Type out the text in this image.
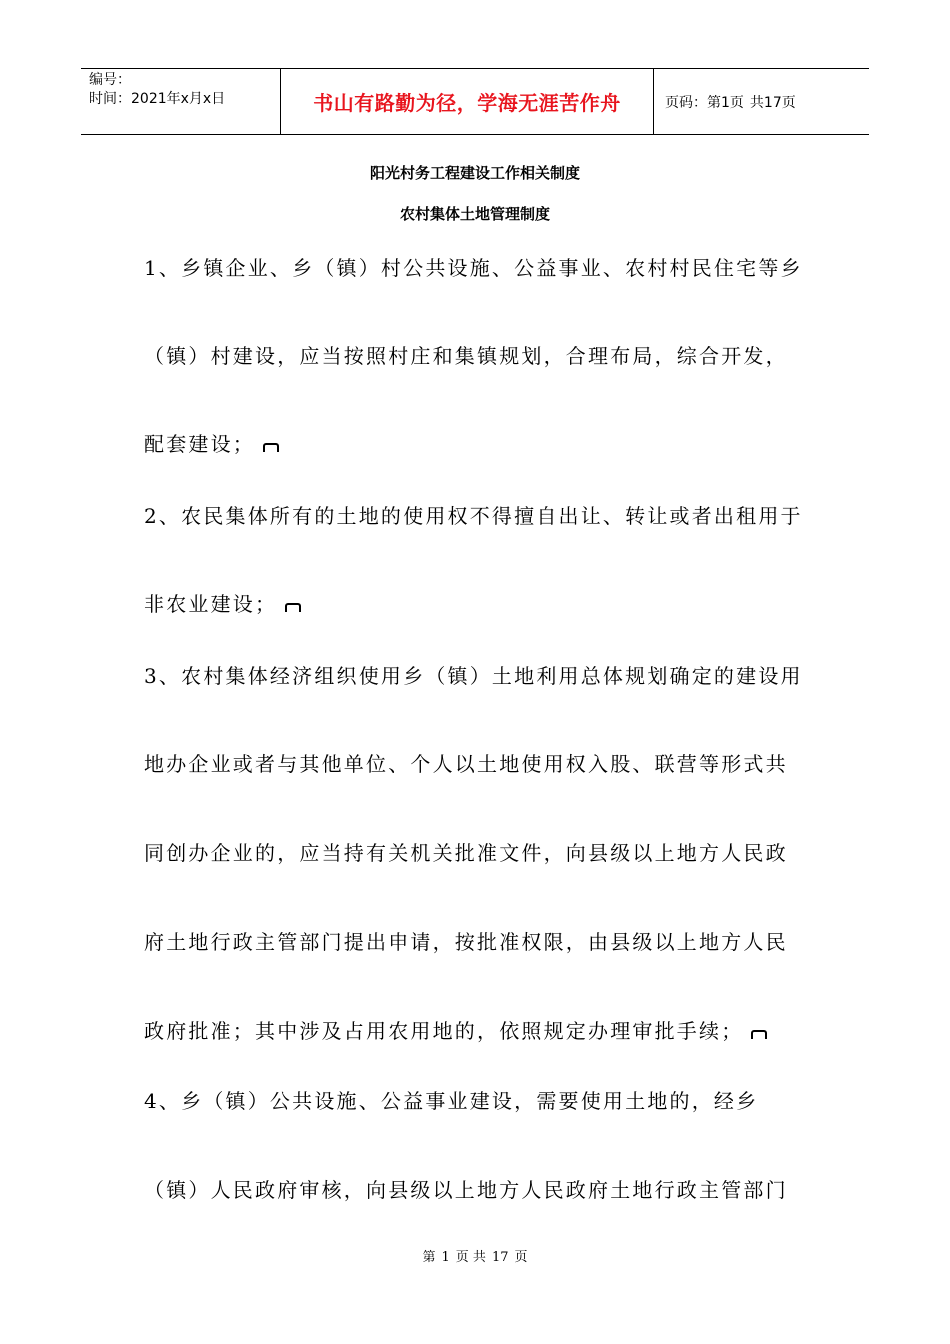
编号：
时间：2021年x月x日	书山有路勤为径，学海无涯苦作舟	页码：第1页 共17页
阳光村务工程建设工作相关制度
农村集体土地管理制度
1、乡镇企业、乡（镇）村公共设施、公益事业、农村村民住宅等乡
（镇）村建设，应当按照村庄和集镇规划，合理布局，综合开发，
配套建设；
2、农民集体所有的土地的使用权不得擅自出让、转让或者出租用于
非农业建设；
3、农村集体经济组织使用乡（镇）土地利用总体规划确定的建设用
地办企业或者与其他单位、个人以土地使用权入股、联营等形式共
同创办企业的，应当持有关机关批准文件，向县级以上地方人民政
府土地行政主管部门提出申请，按批准权限，由县级以上地方人民
政府批准；其中涉及占用农用地的，依照规定办理审批手续；
4、乡（镇）公共设施、公益事业建设，需要使用土地的，经乡
（镇）人民政府审核，向县级以上地方人民政府土地行政主管部门
第 1 页 共 17 页
